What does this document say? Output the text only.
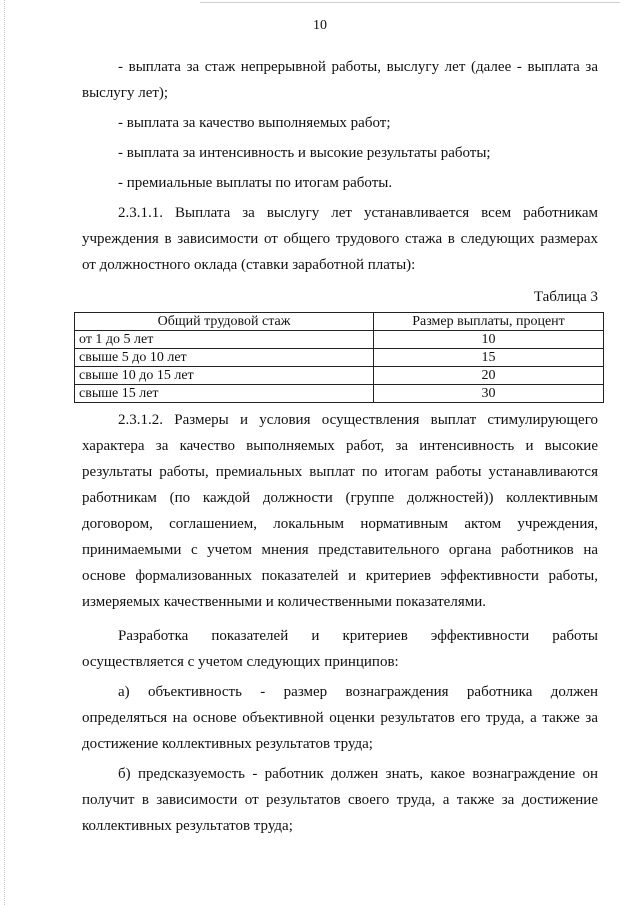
10

- выплата за стаж непрерывной работы, выслугу лет (далее - выплата за выслугу лет);

- выплата за качество выполняемых работ;

- выплата за интенсивность и высокие результаты работы;

- премиальные выплаты по итогам работы.

2.3.1.1. Выплата за выслугу лет устанавливается всем работникам учреждения в зависимости от общего трудового стажа в следующих размерах от должностного оклада (ставки заработной платы):

Таблица 3

Общий трудовой стаж	Размер выплаты, процент
от 1 до 5 лет	10
свыше 5 до 10 лет	15
свыше 10 до 15 лет	20
свыше 15 лет	30

2.3.1.2. Размеры и условия осуществления выплат стимулирующего характера за качество выполняемых работ, за интенсивность и высокие результаты работы, премиальных выплат по итогам работы устанавливаются работникам (по каждой должности (группе должностей)) коллективным договором, соглашением, локальным нормативным актом учреждения, принимаемыми с учетом мнения представительного органа работников на основе формализованных показателей и критериев эффективности работы, измеряемых качественными и количественными показателями.

Разработка показателей и критериев эффективности работы

осуществляется с учетом следующих принципов:

а) объективность - размер вознаграждения работника должен определяться на основе объективной оценки результатов его труда, а также за достижение коллективных результатов труда;

б) предсказуемость - работник должен знать, какое вознаграждение он получит в зависимости от результатов своего труда, а также за достижение коллективных результатов труда;
